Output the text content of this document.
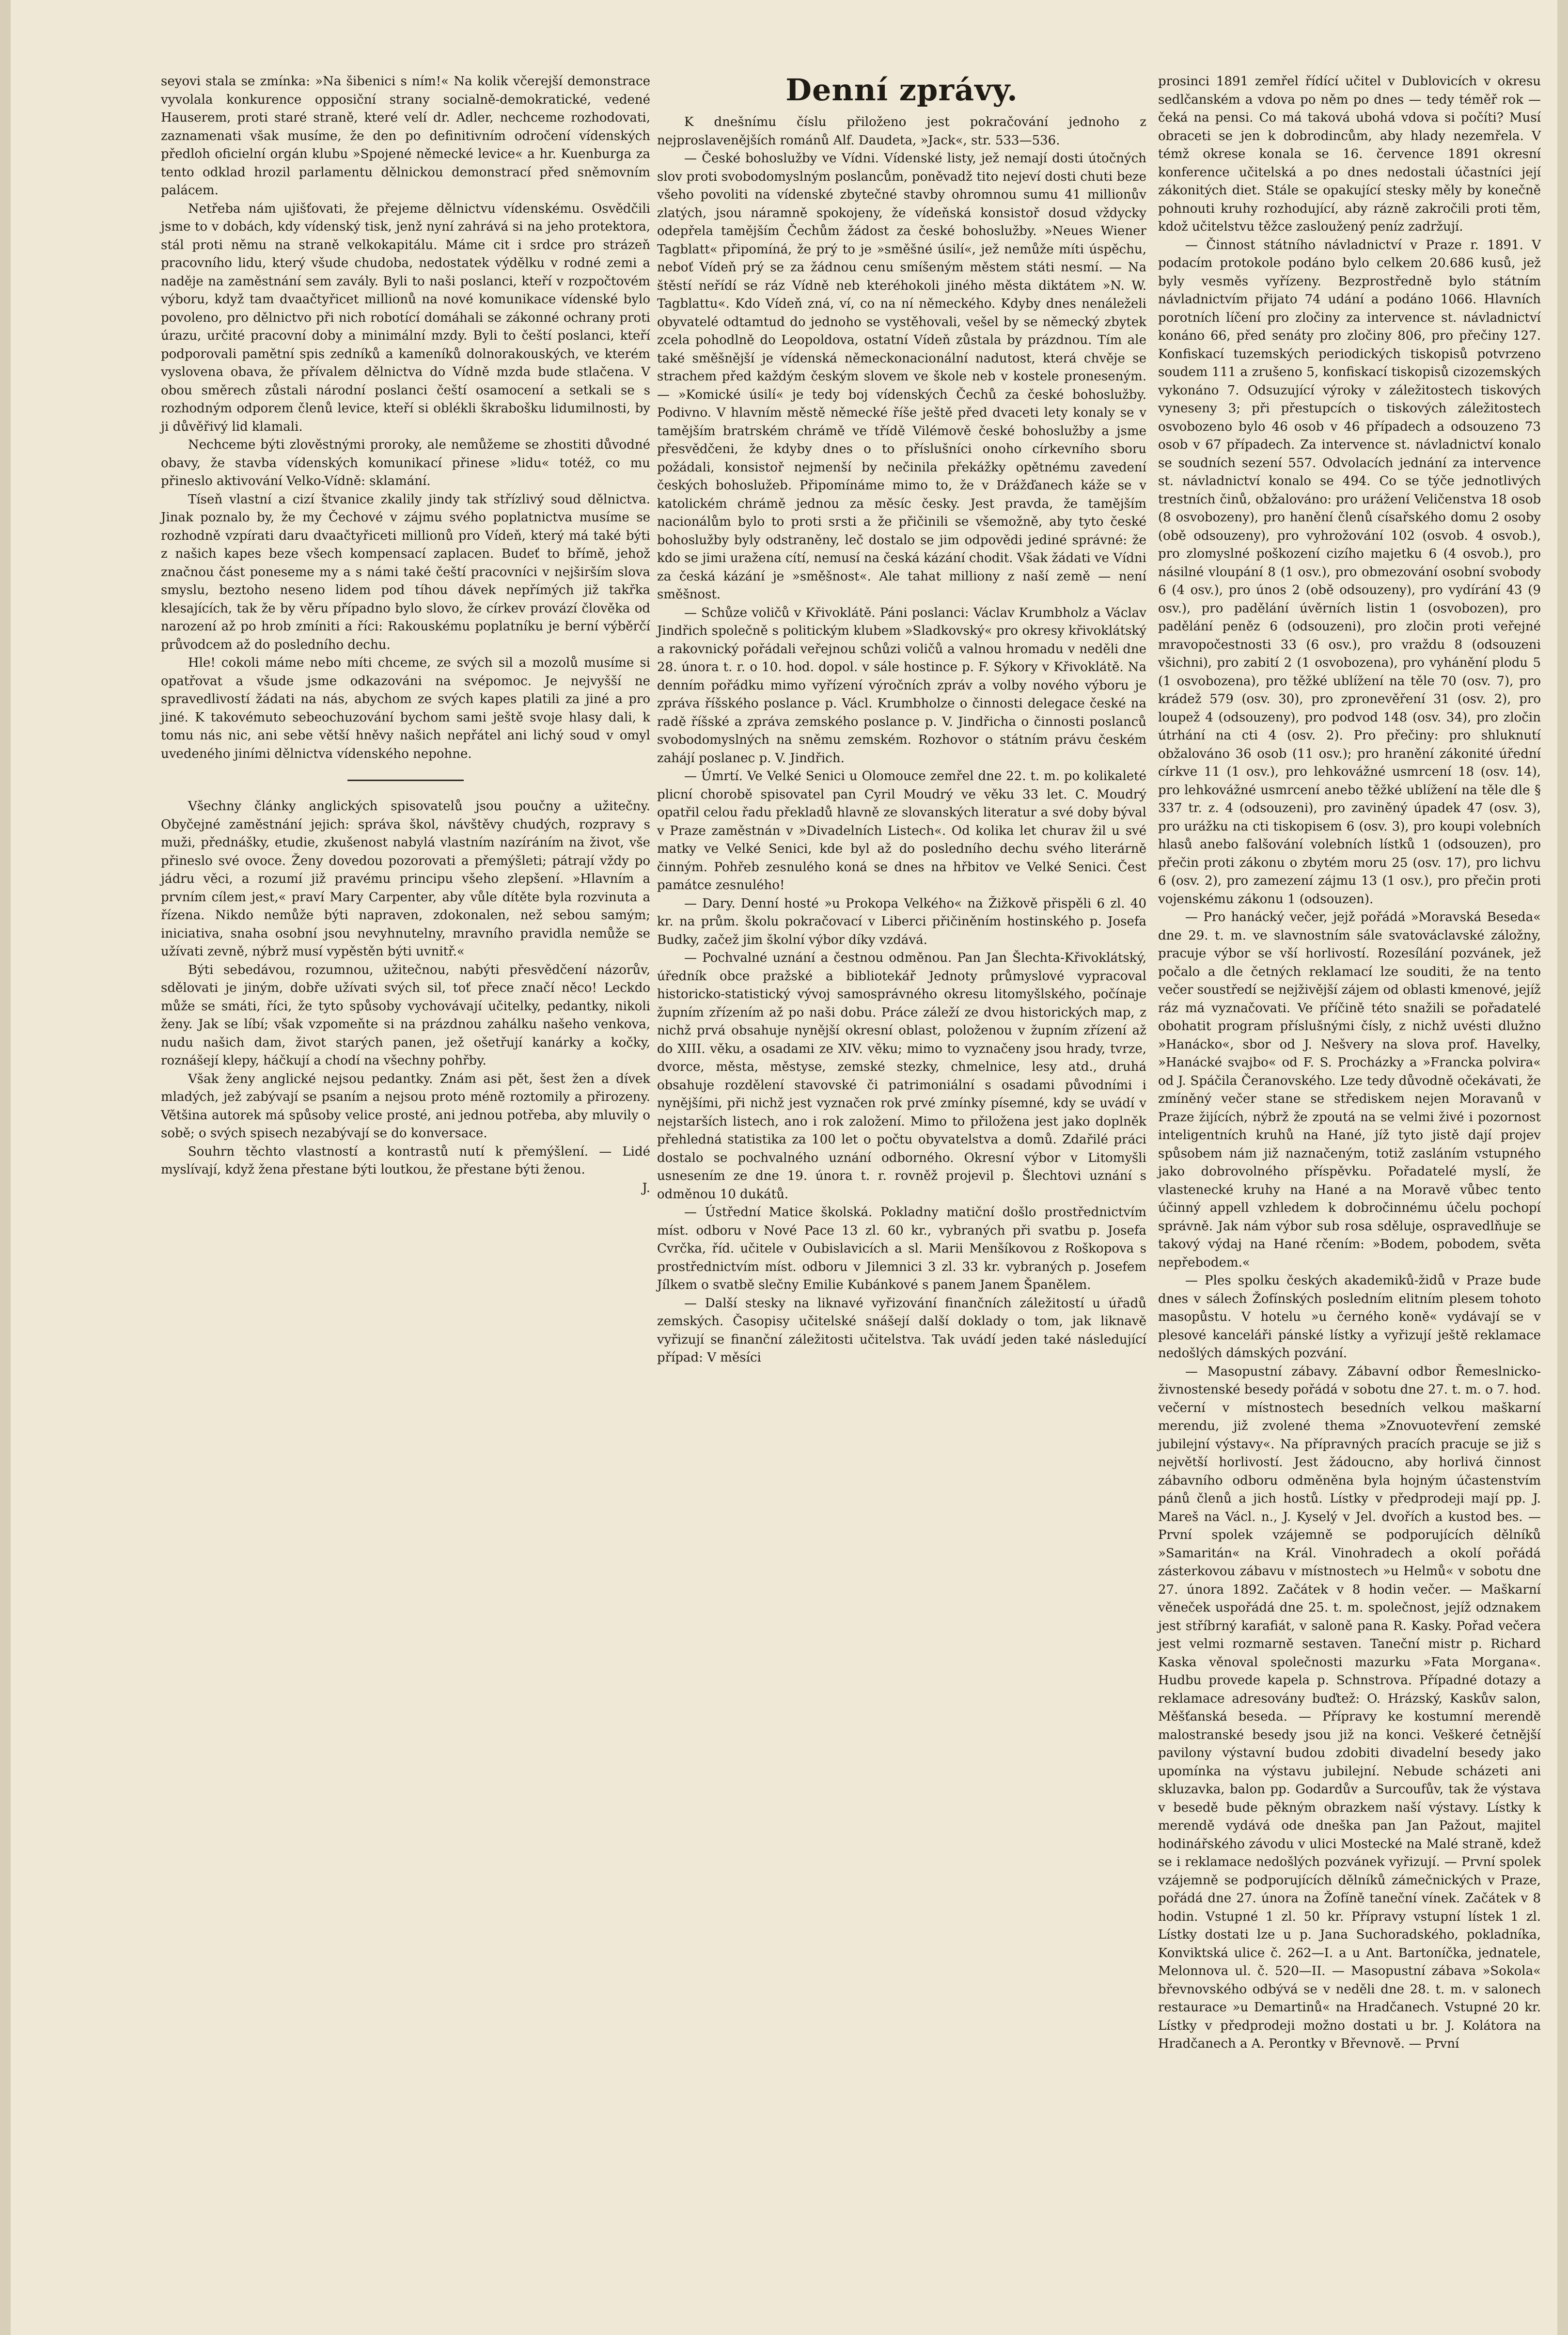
seyovi stala se zmínka: »Na šibenici s ním!« Na kolik včerejší demonstrace vyvolala konkurence opposiční strany socialně-demokratické, vedené Hauserem, proti staré straně, které velí dr. Adler, nechceme rozhodovati, zaznamenati však musíme, že den po definitivním odročení vídenských předloh oficielní orgán klubu »Spojené německé levice« a hr. Kuenburga za tento odklad hrozil parlamentu dělnickou demonstrací před sněmovním palácem.

Netřeba nám ujišťovati, že přejeme dělnictvu vídenskému. Osvědčili jsme to v dobách, kdy vídenský tisk, jenž nyní zahrává si na jeho protektora, stál proti němu na straně velkokapitálu. Máme cit i srdce pro strázeň pracovního lidu, který všude chudoba, nedostatek výdělku v rodné zemi a naděje na zaměstnání sem zavály. Byli to naši poslanci, kteří v rozpočtovém výboru, když tam dvaačtyřicet millionů na nové komunikace vídenské bylo povoleno, pro dělnictvo při nich robotící domáhali se zákonné ochrany proti úrazu, určité pracovní doby a minimální mzdy. Byli to čeští poslanci, kteří podporovali pamětní spis zedníků a kameníků dolnorakouských, ve kterém vyslovena obava, že přívalem dělnictva do Vídně mzda bude stlačena. V obou směrech zůstali národní poslanci čeští osamocení a setkali se s rozhodným odporem členů levice, kteří si oblékli škrabošku lidumilnosti, by ji důvěřivý lid klamali.

Nechceme býti zlověstnými proroky, ale nemůžeme se zhostiti důvodné obavy, že stavba vídenských komunikací přinese »lidu« totéž, co mu přineslo aktivování Velko-Vídně: sklamání.

Tíseň vlastní a cizí štvanice zkalily jindy tak střízlivý soud dělnictva. Jinak poznalo by, že my Čechové v zájmu svého poplatnictva musíme se rozhodně vzpírati daru dvaačtyřiceti millionů pro Vídeň, který má také býti z našich kapes beze všech kompensací zaplacen. Budeť to břímě, jehož značnou část poneseme my a s námi také čeští pracovníci v nejširším slova smyslu, beztoho neseno lidem pod tíhou dávek nepřímých již takřka klesajících, tak že by věru případno bylo slovo, že církev provází člověka od narození až po hrob zmíniti a říci: Rakouskému poplatníku je berní výběrčí průvodcem až do posledního dechu.

Hle! cokoli máme nebo míti chceme, ze svých sil a mozolů musíme si opatřovat a všude jsme odkazováni na svépomoc. Je nejvyšší ne spravedlivostí žádati na nás, abychom ze svých kapes platili za jiné a pro jiné. K takovémuto sebeochuzování bychom sami ještě svoje hlasy dali, k tomu nás nic, ani sebe větší hněvy našich nepřátel ani lichý soud v omyl uvedeného jiními dělnictva vídenského nepohne.

Všechny články anglických spisovatelů jsou poučny a užitečny. Obyčejné zaměstnání jejich: správa škol, návštěvy chudých, rozpravy s muži, přednášky, etudie, zkušenost nabylá vlastním nazíráním na život, vše přineslo své ovoce. Ženy dovedou pozorovati a přemýšleti; pátrají vždy po jádru věci, a rozumí již pravému principu všeho zlepšení. »Hlavním a prvním cílem jest,« praví Mary Carpenter, aby vůle dítěte byla rozvinuta a řízena. Nikdo nemůže býti napraven, zdokonalen, než sebou samým; iniciativa, snaha osobní jsou nevyhnutelny, mravního pravidla nemůže se užívati zevně, nýbrž musí vypěstěn býti uvnitř.«

Býti sebedávou, rozumnou, užitečnou, nabýti přesvědčení názorův, sdělovati je jiným, dobře užívati svých sil, toť přece značí něco! Leckdo může se smáti, říci, že tyto spůsoby vychovávají učitelky, pedantky, nikoli ženy. Jak se líbí; však vzpomeňte si na prázdnou zahálku našeho venkova, nudu našich dam, život starých panen, jež ošetřují kanárky a kočky, roznášejí klepy, háčkují a chodí na všechny pohřby.

Však ženy anglické nejsou pedantky. Znám asi pět, šest žen a dívek mladých, jež zabývají se psaním a nejsou proto méně roztomily a přirozeny. Většina autorek má spůsoby velice prosté, ani jednou potřeba, aby mluvily o sobě; o svých spisech nezabývají se do konversace.

Souhrn těchto vlastností a kontrastů nutí k přemýšlení. — Lidé myslívají, když žena přestane býti loutkou, že přestane býti ženou.

J.

Denní zprávy.

K dnešnímu číslu přiloženo jest pokračování jednoho z nejproslavenějších románů Alf. Daudeta, »Jack«, str. 533—536.

— České bohoslužby ve Vídni. Vídenské listy, jež nemají dosti útočných slov proti svobodomyslným poslancům, poněvadž tito nejeví dosti chuti beze všeho povoliti na vídenské zbytečné stavby ohromnou sumu 41 millionův zlatých, jsou náramně spokojeny, že vídeňská konsistoř dosud vždycky odepřela tamějším Čechům žádost za české bohoslužby. »Neues Wiener Tagblatt« připomíná, že prý to je »směšné úsilí«, jež nemůže míti úspěchu, neboť Vídeň prý se za žádnou cenu smíšeným městem státi nesmí. — Na štěstí neřídí se ráz Vídně neb kteréhokoli jiného města diktátem »N. W. Tagblattu«. Kdo Vídeň zná, ví, co na ní německého. Kdyby dnes nenáleželi obyvatelé odtamtud do jednoho se vystěhovali, vešel by se německý zbytek zcela pohodlně do Leopoldova, ostatní Vídeň zůstala by prázdnou. Tím ale také směšnější je vídenská německonacionální nadutost, která chvěje se strachem před každým českým slovem ve škole neb v kostele proneseným. — »Komické úsilí« je tedy boj vídenských Čechů za české bohoslužby. Podivno. V hlavním městě německé říše ještě před dvaceti lety konaly se v tamějším bratrském chrámě ve třídě Vilémově české bohoslužby a jsme přesvědčeni, že kdyby dnes o to příslušníci onoho církevního sboru požádali, konsistoř nejmenší by nečinila překážky opětnému zavedení českých bohoslužeb. Připomínáme mimo to, že v Drážďanech káže se v katolickém chrámě jednou za měsíc česky. Jest pravda, že tamějším nacionálům bylo to proti srsti a že přičinili se všemožně, aby tyto české bohoslužby byly odstraněny, leč dostalo se jim odpovědi jediné správné: že kdo se jimi uražena cítí, nemusí na česká kázání chodit. Však žádati ve Vídni za česká kázání je »směšnost«. Ale tahat milliony z naší země — není směšnost.

— Schůze voličů v Křivoklátě. Páni poslanci: Václav Krumbholz a Václav Jindřich společně s politickým klubem »Sladkovský« pro okresy křivoklátský a rakovnický pořádali veřejnou schůzi voličů a valnou hromadu v neděli dne 28. února t. r. o 10. hod. dopol. v sále hostince p. F. Sýkory v Křivoklátě. Na denním pořádku mimo vyřízení výročních zpráv a volby nového výboru je zpráva říšského poslance p. Václ. Krumbholze o činnosti delegace české na radě říšské a zpráva zemského poslance p. V. Jindřicha o činnosti poslanců svobodomyslných na sněmu zemském. Rozhovor o státním právu českém zahájí poslanec p. V. Jindřich.

— Úmrtí. Ve Velké Senici u Olomouce zemřel dne 22. t. m. po kolikaleté plicní chorobě spisovatel pan Cyril Moudrý ve věku 33 let. C. Moudrý opatřil celou řadu překladů hlavně ze slovanských literatur a své doby býval v Praze zaměstnán v »Divadelních Listech«. Od kolika let churav žil u své matky ve Velké Senici, kde byl až do posledního dechu svého literárně činným. Pohřeb zesnulého koná se dnes na hřbitov ve Velké Senici. Čest památce zesnulého!

— Dary. Denní hosté »u Prokopa Velkého« na Žižkově přispěli 6 zl. 40 kr. na prům. školu pokračovací v Liberci přičiněním hostinského p. Josefa Budky, začež jim školní výbor díky vzdává.

— Pochvalné uznání a čestnou odměnou. Pan Jan Šlechta-Křivoklátský, úředník obce pražské a bibliotekář Jednoty průmyslové vypracoval historicko-statistický vývoj samosprávného okresu litomyšlského, počínaje župním zřízením až po naši dobu. Práce záleží ze dvou historických map, z nichž prvá obsahuje nynější okresní oblast, položenou v župním zřízení až do XIII. věku, a osadami ze XIV. věku; mimo to vyznačeny jsou hrady, tvrze, dvorce, města, městyse, zemské stezky, chmelnice, lesy atd., druhá obsahuje rozdělení stavovské či patrimoniální s osadami původními i nynějšími, při nichž jest vyznačen rok prvé zmínky písemné, kdy se uvádí v nejstarších listech, ano i rok založení. Mimo to přiložena jest jako doplněk přehledná statistika za 100 let o počtu obyvatelstva a domů. Zdařilé práci dostalo se pochvalného uznání odborného. Okresní výbor v Litomyšli usnesením ze dne 19. února t. r. rovněž projevil p. Šlechtovi uznání s odměnou 10 dukátů.

— Ústřední Matice školská. Pokladny matiční došlo prostřednictvím míst. odboru v Nové Pace 13 zl. 60 kr., vybraných při svatbu p. Josefa Cvrčka, říd. učitele v Oubislavicích a sl. Marii Menšíkovou z Roškopova s prostřednictvím míst. odboru v Jilemnici 3 zl. 33 kr. vybraných p. Josefem Jílkem o svatbě slečny Emilie Kubánkové s panem Janem Španělem.

— Další stesky na liknavé vyřizování finančních záležitostí u úřadů zemských. Časopisy učitelské snášejí další doklady o tom, jak liknavě vyřizují se finanční záležitosti učitelstva. Tak uvádí jeden také následující případ: V měsíci

prosinci 1891 zemřel řídící učitel v Dublovicích v okresu sedlčanském a vdova po něm po dnes — tedy téměř rok — čeká na pensi. Co má taková ubohá vdova si počíti? Musí obraceti se jen k dobrodincům, aby hlady nezemřela. V témž okrese konala se 16. července 1891 okresní konference učitelská a po dnes nedostali účastníci její zákonitých diet. Stále se opakující stesky měly by konečně pohnouti kruhy rozhodující, aby rázně zakročili proti těm, kdož učitelstvu těžce zasloužený peníz zadržují.

— Činnost státního návladnictví v Praze r. 1891. V podacím protokole podáno bylo celkem 20.686 kusů, jež byly vesměs vyřízeny. Bezprostředně bylo státním návladnictvím přijato 74 udání a podáno 1066. Hlavních porotních líčení pro zločiny za intervence st. návladnictví konáno 66, před senáty pro zločiny 806, pro přečiny 127. Konfiskací tuzemských periodických tiskopisů potvrzeno soudem 111 a zrušeno 5, konfiskací tiskopisů cizozemských vykonáno 7. Odsuzující výroky v záležitostech tiskových vyneseny 3; při přestupcích o tiskových záležitostech osvobozeno bylo 46 osob v 46 případech a odsouzeno 73 osob v 67 případech. Za intervence st. návladnictví konalo se soudních sezení 557. Odvolacích jednání za intervence st. návladnictví konalo se 494. Co se týče jednotlivých trestních činů, obžalováno: pro urážení Veličenstva 18 osob (8 osvobozeny), pro hanění členů císařského domu 2 osoby (obě odsouzeny), pro vyhrožování 102 (osvob. 4 osvob.), pro zlomyslné poškození cizího majetku 6 (4 osvob.), pro násilné vloupání 8 (1 osv.), pro obmezování osobní svobody 6 (4 osv.), pro únos 2 (obě odsouzeny), pro vydírání 43 (9 osv.), pro padělání úvěrních listin 1 (osvobozen), pro padělání peněz 6 (odsouzeni), pro zločin proti veřejné mravopočestnosti 33 (6 osv.), pro vraždu 8 (odsouzeni všichni), pro zabití 2 (1 osvobozena), pro vyhánění plodu 5 (1 osvobozena), pro těžké ublížení na těle 70 (osv. 7), pro krádež 579 (osv. 30), pro zpronevěření 31 (osv. 2), pro loupež 4 (odsouzeny), pro podvod 148 (osv. 34), pro zločin útrhání na cti 4 (osv. 2). Pro přečiny: pro shluknutí obžalováno 36 osob (11 osv.); pro hranění zákonité úřední církve 11 (1 osv.), pro lehkovážné usmrcení 18 (osv. 14), pro lehkovážné usmrcení anebo těžké ublížení na těle dle § 337 tr. z. 4 (odsouzeni), pro zaviněný úpadek 47 (osv. 3), pro urážku na cti tiskopisem 6 (osv. 3), pro koupi volebních hlasů anebo falšování volebních lístků 1 (odsouzen), pro přečin proti zákonu o zbytém moru 25 (osv. 17), pro lichvu 6 (osv. 2), pro zamezení zájmu 13 (1 osv.), pro přečin proti vojenskému zákonu 1 (odsouzen).

— Pro hanácký večer, jejž pořádá »Moravská Beseda« dne 29. t. m. ve slavnostním sále svatováclavské záložny, pracuje výbor se vší horlivostí. Rozesílání pozvánek, jež počalo a dle četných reklamací lze souditi, že na tento večer soustředí se nejživější zájem od oblasti kmenové, jejíž ráz má vyznačovati. Ve příčině této snažili se pořadatelé obohatit program příslušnými čísly, z nichž uvésti dlužno »Hanácko«, sbor od J. Nešvery na slova prof. Havelky, »Hanácké svajbo« od F. S. Procházky a »Francka polvira« od J. Spáčila Čeranovského. Lze tedy důvodně očekávati, že zmíněný večer stane se střediskem nejen Moravanů v Praze žijících, nýbrž že zpoutá na se velmi živé i pozornost inteligentních kruhů na Hané, jíž tyto jistě dají projev spůsobem nám již naznačeným, totiž zasláním vstupného jako dobrovolného příspěvku. Pořadatelé myslí, že vlastenecké kruhy na Hané a na Moravě vůbec tento účinný appell vzhledem k dobročinnému účelu pochopí správně. Jak nám výbor sub rosa sděluje, ospravedlňuje se takový výdaj na Hané rčením: »Bodem, pobodem, světa nepřebodem.«

— Ples spolku českých akademiků-židů v Praze bude dnes v sálech Žofínských posledním elitním plesem tohoto masopůstu. V hotelu »u černého koně« vydávají se v plesové kanceláři pánské lístky a vyřizují ještě reklamace nedošlých dámských pozvání.

— Masopustní zábavy. Zábavní odbor Řemeslnicko-živnostenské besedy pořádá v sobotu dne 27. t. m. o 7. hod. večerní v místnostech besedních velkou maškarní merendu, již zvolené thema »Znovuotevření zemské jubilejní výstavy«. Na přípravných pracích pracuje se již s největší horlivostí. Jest žádoucno, aby horlivá činnost zábavního odboru odměněna byla hojným účastenstvím pánů členů a jich hostů. Lístky v předprodeji mají pp. J. Mareš na Václ. n., J. Kyselý v Jel. dvořích a kustod bes. — První spolek vzájemně se podporujících dělníků »Samaritán« na Král. Vinohradech a okolí pořádá zásterkovou zábavu v místnostech »u Helmů« v sobotu dne 27. února 1892. Začátek v 8 hodin večer. — Maškarní věneček uspořádá dne 25. t. m. společnost, jejíž odznakem jest stříbrný karafiát, v saloně pana R. Kasky. Pořad večera jest velmi rozmarně sestaven. Taneční mistr p. Richard Kaska věnoval společnosti mazurku »Fata Morgana«. Hudbu provede kapela p. Schnstrova. Případné dotazy a reklamace adresovány buďtež: O. Hrázský, Kaskův salon, Měšťanská beseda. — Přípravy ke kostumní merendě malostranské besedy jsou již na konci. Veškeré četnější pavilony výstavní budou zdobiti divadelní besedy jako upomínka na výstavu jubilejní. Nebude scházeti ani skluzavka, balon pp. Godardův a Surcoufův, tak že výstava v besedě bude pěkným obrazkem naší výstavy. Lístky k merendě vydává ode dneška pan Jan Pažout, majitel hodinářského závodu v ulici Mostecké na Malé straně, kdež se i reklamace nedošlých pozvánek vyřizují. — První spolek vzájemně se podporujících dělníků zámečnických v Praze, pořádá dne 27. února na Žofíně taneční vínek. Začátek v 8 hodin. Vstupné 1 zl. 50 kr. Přípravy vstupní lístek 1 zl. Lístky dostati lze u p. Jana Suchoradského, pokladníka, Konviktská ulice č. 262—I. a u Ant. Bartoníčka, jednatele, Melonnova ul. č. 520—II. — Masopustní zábava »Sokola« břevnovského odbývá se v neděli dne 28. t. m. v salonech restaurace »u Demartinů« na Hradčanech. Vstupné 20 kr. Lístky v předprodeji možno dostati u br. J. Kolátora na Hradčanech a A. Perontky v Břevnově. — První
